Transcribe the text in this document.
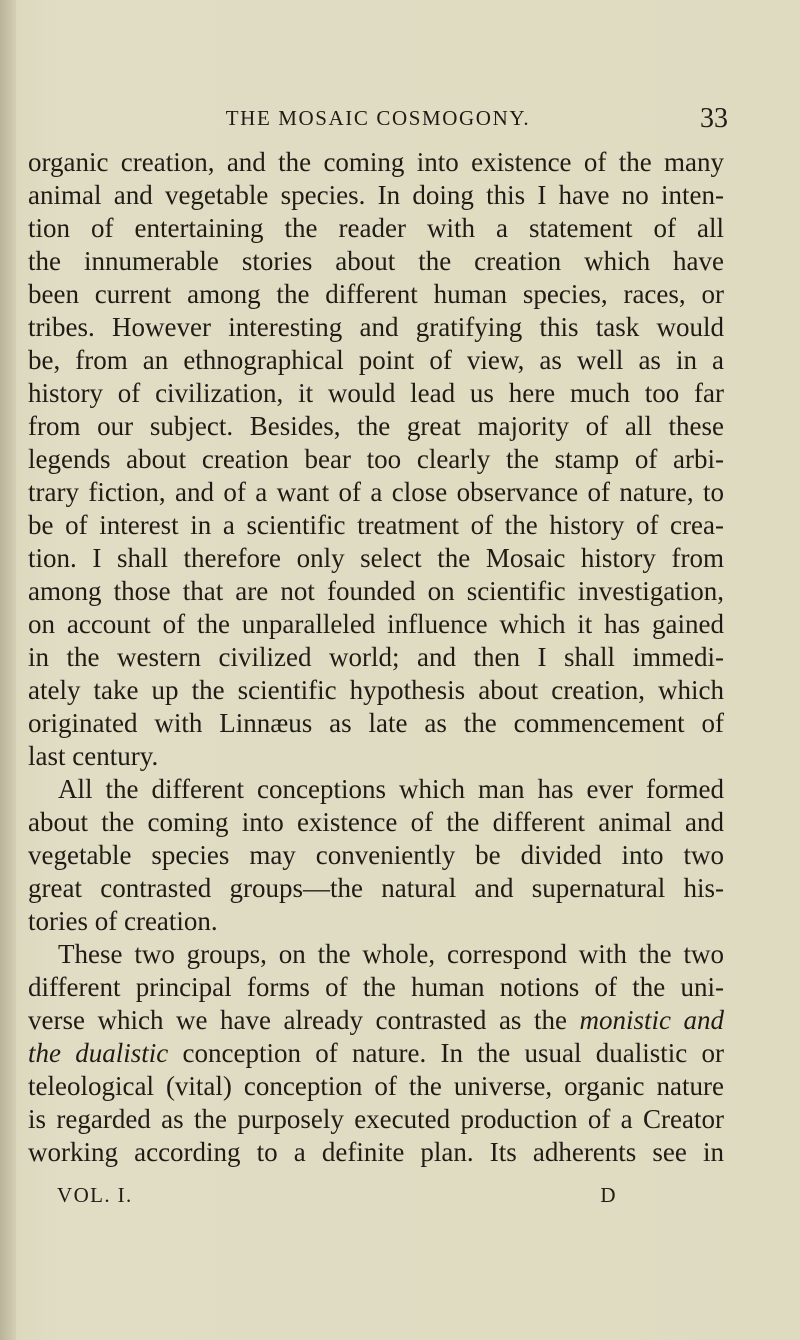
THE MOSAIC COSMOGONY.	33
organic creation, and the coming into existence of the many
animal and vegetable species. In doing this I have no inten-
tion of entertaining the reader with a statement of all
the innumerable stories about the creation which have
been current among the different human species, races, or
tribes. However interesting and gratifying this task would
be, from an ethnographical point of view, as well as in a
history of civilization, it would lead us here much too far
from our subject. Besides, the great majority of all these
legends about creation bear too clearly the stamp of arbi-
trary fiction, and of a want of a close observance of nature, to
be of interest in a scientific treatment of the history of crea-
tion. I shall therefore only select the Mosaic history from
among those that are not founded on scientific investigation,
on account of the unparalleled influence which it has gained
in the western civilized world; and then I shall immedi-
ately take up the scientific hypothesis about creation, which
originated with Linnæus as late as the commencement of
last century.
All the different conceptions which man has ever formed
about the coming into existence of the different animal and
vegetable species may conveniently be divided into two
great contrasted groups—the natural and supernatural his-
tories of creation.
These two groups, on the whole, correspond with the two
different principal forms of the human notions of the uni-
verse which we have already contrasted as the monistic and
the dualistic conception of nature. In the usual dualistic or
teleological (vital) conception of the universe, organic nature
is regarded as the purposely executed production of a Creator
working according to a definite plan. Its adherents see in
VOL. I.	D
